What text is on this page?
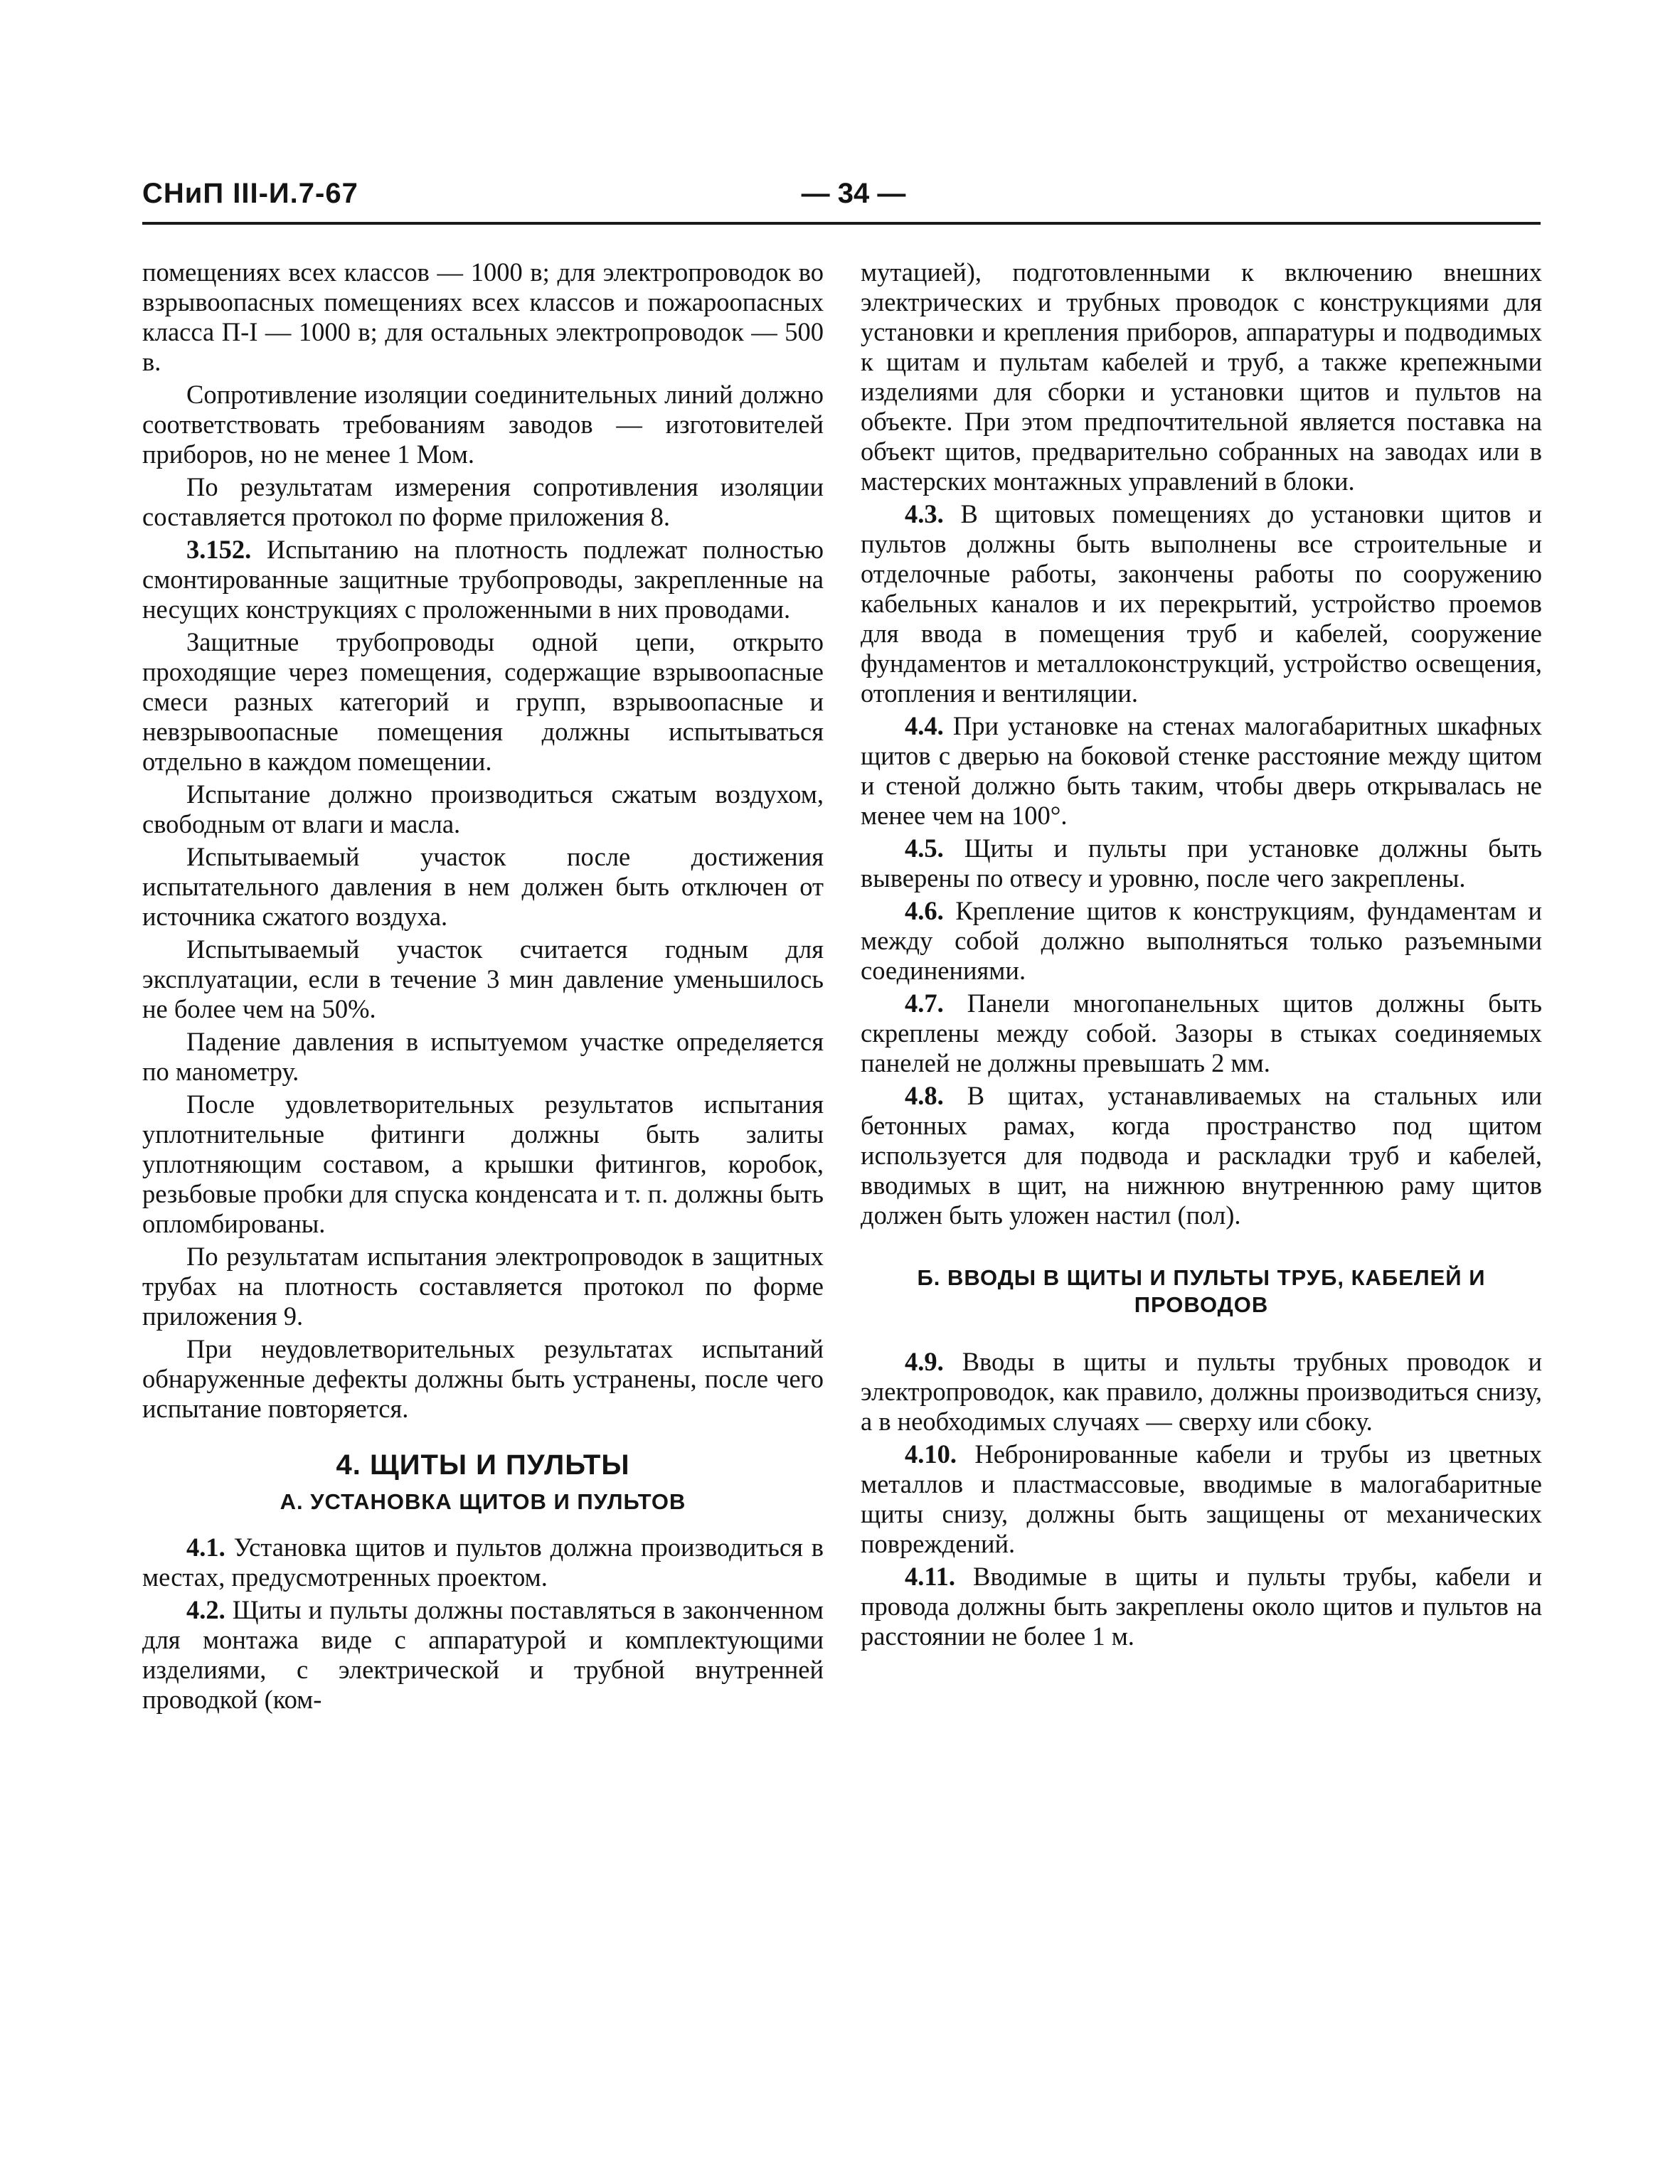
СНиП III-И.7-67	— 34 —

помещениях всех классов — 1000 в; для электропроводок во взрывоопасных помещениях всех классов и пожароопасных класса П-I — 1000 в; для остальных электропроводок — 500 в.

Сопротивление изоляции соединительных линий должно соответствовать требованиям заводов — изготовителей приборов, но не менее 1 Мом.

По результатам измерения сопротивления изоляции составляется протокол по форме приложения 8.

3.152. Испытанию на плотность подлежат полностью смонтированные защитные трубопроводы, закрепленные на несущих конструкциях с проложенными в них проводами.

Защитные трубопроводы одной цепи, открыто проходящие через помещения, содержащие взрывоопасные смеси разных категорий и групп, взрывоопасные и невзрывоопасные помещения должны испытываться отдельно в каждом помещении.

Испытание должно производиться сжатым воздухом, свободным от влаги и масла.

Испытываемый участок после достижения испытательного давления в нем должен быть отключен от источника сжатого воздуха.

Испытываемый участок считается годным для эксплуатации, если в течение 3 мин давление уменьшилось не более чем на 50%.

Падение давления в испытуемом участке определяется по манометру.

После удовлетворительных результатов испытания уплотнительные фитинги должны быть залиты уплотняющим составом, а крышки фитингов, коробок, резьбовые пробки для спуска конденсата и т. п. должны быть опломбированы.

По результатам испытания электропроводок в защитных трубах на плотность составляется протокол по форме приложения 9.

При неудовлетворительных результатах испытаний обнаруженные дефекты должны быть устранены, после чего испытание повторяется.

4. ЩИТЫ И ПУЛЬТЫ
А. УСТАНОВКА ЩИТОВ И ПУЛЬТОВ

4.1. Установка щитов и пультов должна производиться в местах, предусмотренных проектом.

4.2. Щиты и пульты должны поставляться в законченном для монтажа виде с аппаратурой и комплектующими изделиями, с электрической и трубной внутренней проводкой (ком-

мутацией), подготовленными к включению внешних электрических и трубных проводок с конструкциями для установки и крепления приборов, аппаратуры и подводимых к щитам и пультам кабелей и труб, а также крепежными изделиями для сборки и установки щитов и пультов на объекте. При этом предпочтительной является поставка на объект щитов, предварительно собранных на заводах или в мастерских монтажных управлений в блоки.

4.3. В щитовых помещениях до установки щитов и пультов должны быть выполнены все строительные и отделочные работы, закончены работы по сооружению кабельных каналов и их перекрытий, устройство проемов для ввода в помещения труб и кабелей, сооружение фундаментов и металлоконструкций, устройство освещения, отопления и вентиляции.

4.4. При установке на стенах малогабаритных шкафных щитов с дверью на боковой стенке расстояние между щитом и стеной должно быть таким, чтобы дверь открывалась не менее чем на 100°.

4.5. Щиты и пульты при установке должны быть выверены по отвесу и уровню, после чего закреплены.

4.6. Крепление щитов к конструкциям, фундаментам и между собой должно выполняться только разъемными соединениями.

4.7. Панели многопанельных щитов должны быть скреплены между собой. Зазоры в стыках соединяемых панелей не должны превышать 2 мм.

4.8. В щитах, устанавливаемых на стальных или бетонных рамах, когда пространство под щитом используется для подвода и раскладки труб и кабелей, вводимых в щит, на нижнюю внутреннюю раму щитов должен быть уложен настил (пол).

Б. ВВОДЫ В ЩИТЫ И ПУЛЬТЫ ТРУБ, КАБЕЛЕЙ И ПРОВОДОВ

4.9. Вводы в щиты и пульты трубных проводок и электропроводок, как правило, должны производиться снизу, а в необходимых случаях — сверху или сбоку.

4.10. Небронированные кабели и трубы из цветных металлов и пластмассовые, вводимые в малогабаритные щиты снизу, должны быть защищены от механических повреждений.

4.11. Вводимые в щиты и пульты трубы, кабели и провода должны быть закреплены около щитов и пультов на расстоянии не более 1 м.
